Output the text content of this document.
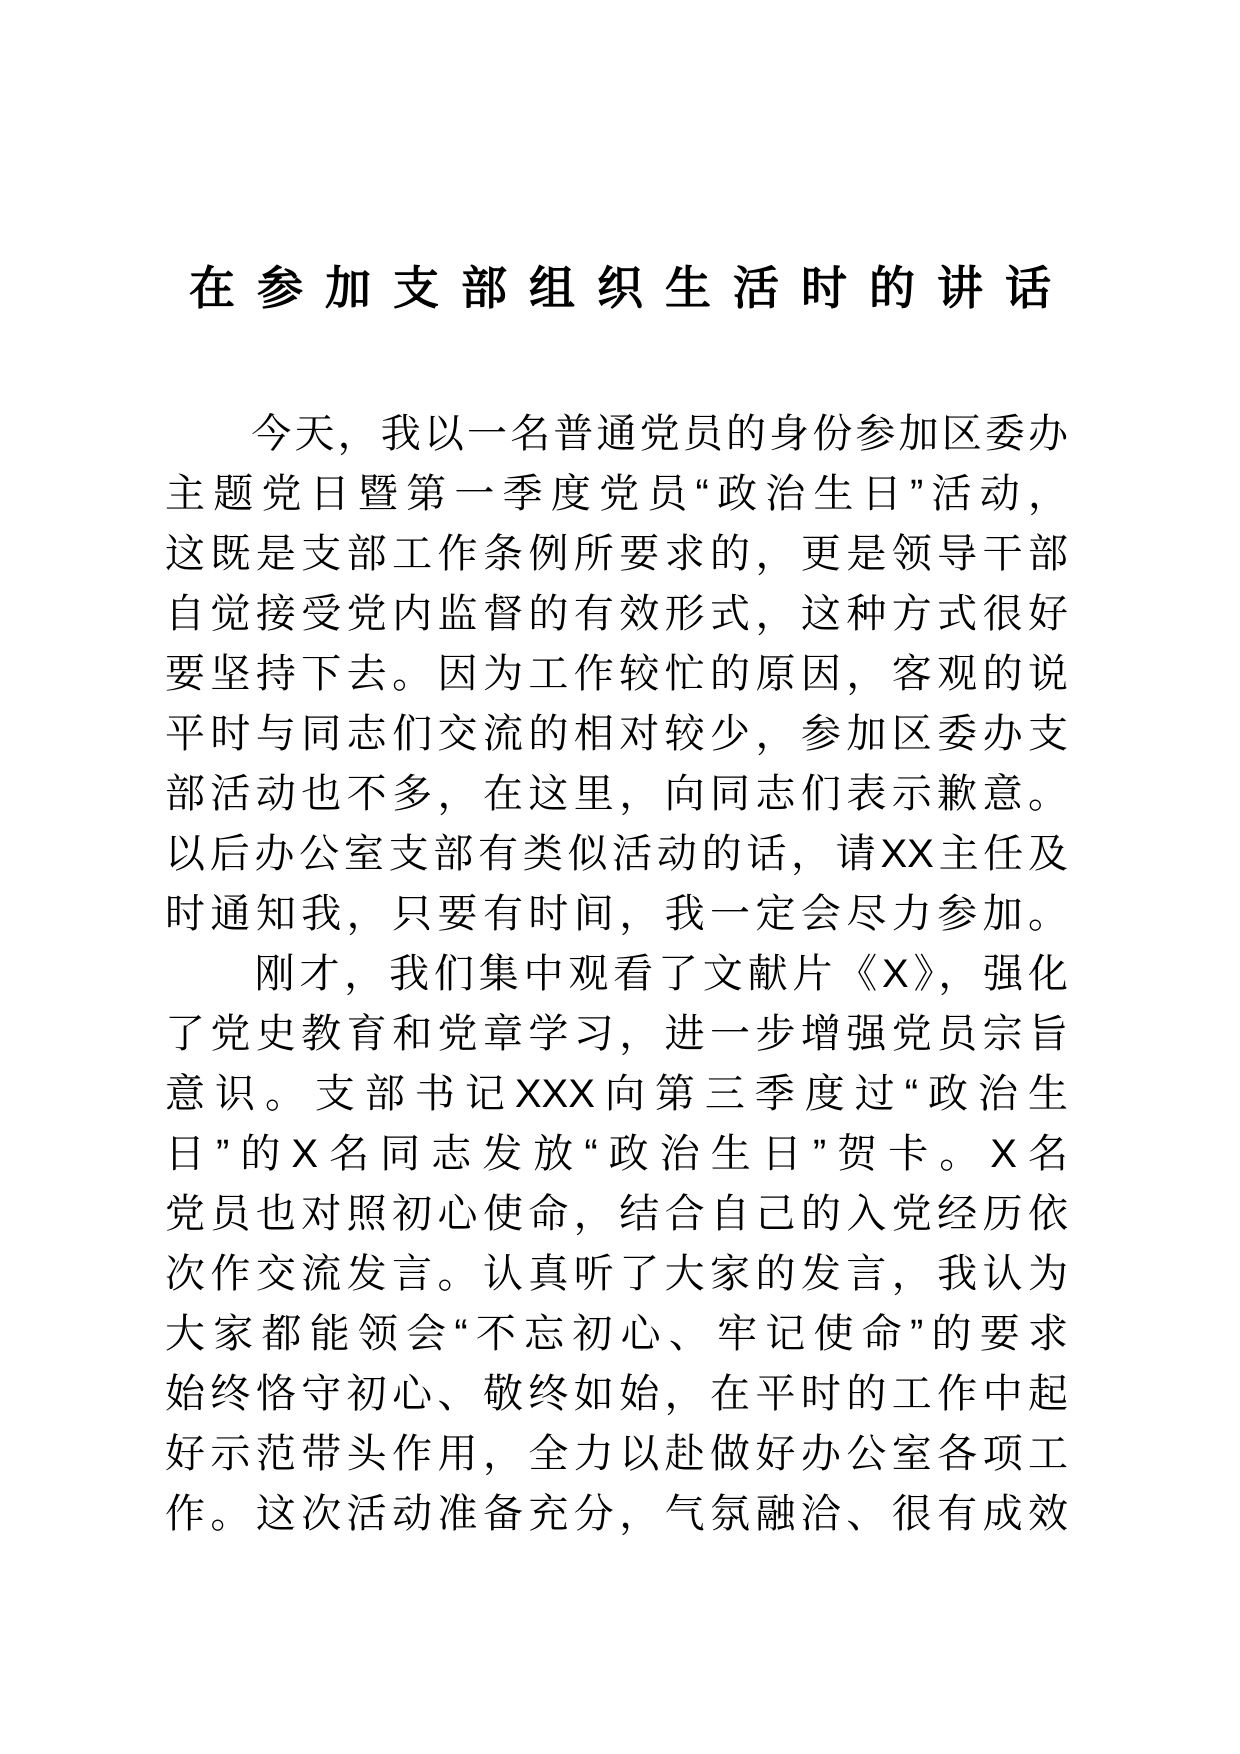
在参加支部组织生活时的讲话
　　今天，我以一名普通党员的身份参加区委办
主题党日暨第一季度党员“政治生日”活动，
这既是支部工作条例所要求的，更是领导干部
自觉接受党内监督的有效形式，这种方式很好
要坚持下去。因为工作较忙的原因，客观的说
平时与同志们交流的相对较少，参加区委办支
部活动也不多，在这里，向同志们表示歉意。
以后办公室支部有类似活动的话，请XX主任及
时通知我，只要有时间，我一定会尽力参加。
　　刚才，我们集中观看了文献片《X》，强化
了党史教育和党章学习，进一步增强党员宗旨
意识。支部书记XXX向第三季度过“政治生
日”的X名同志发放“政治生日”贺卡。X名
党员也对照初心使命，结合自己的入党经历依
次作交流发言。认真听了大家的发言，我认为
大家都能领会“不忘初心、牢记使命”的要求
始终恪守初心、敬终如始，在平时的工作中起
好示范带头作用，全力以赴做好办公室各项工
作。这次活动准备充分，气氛融洽、很有成效
